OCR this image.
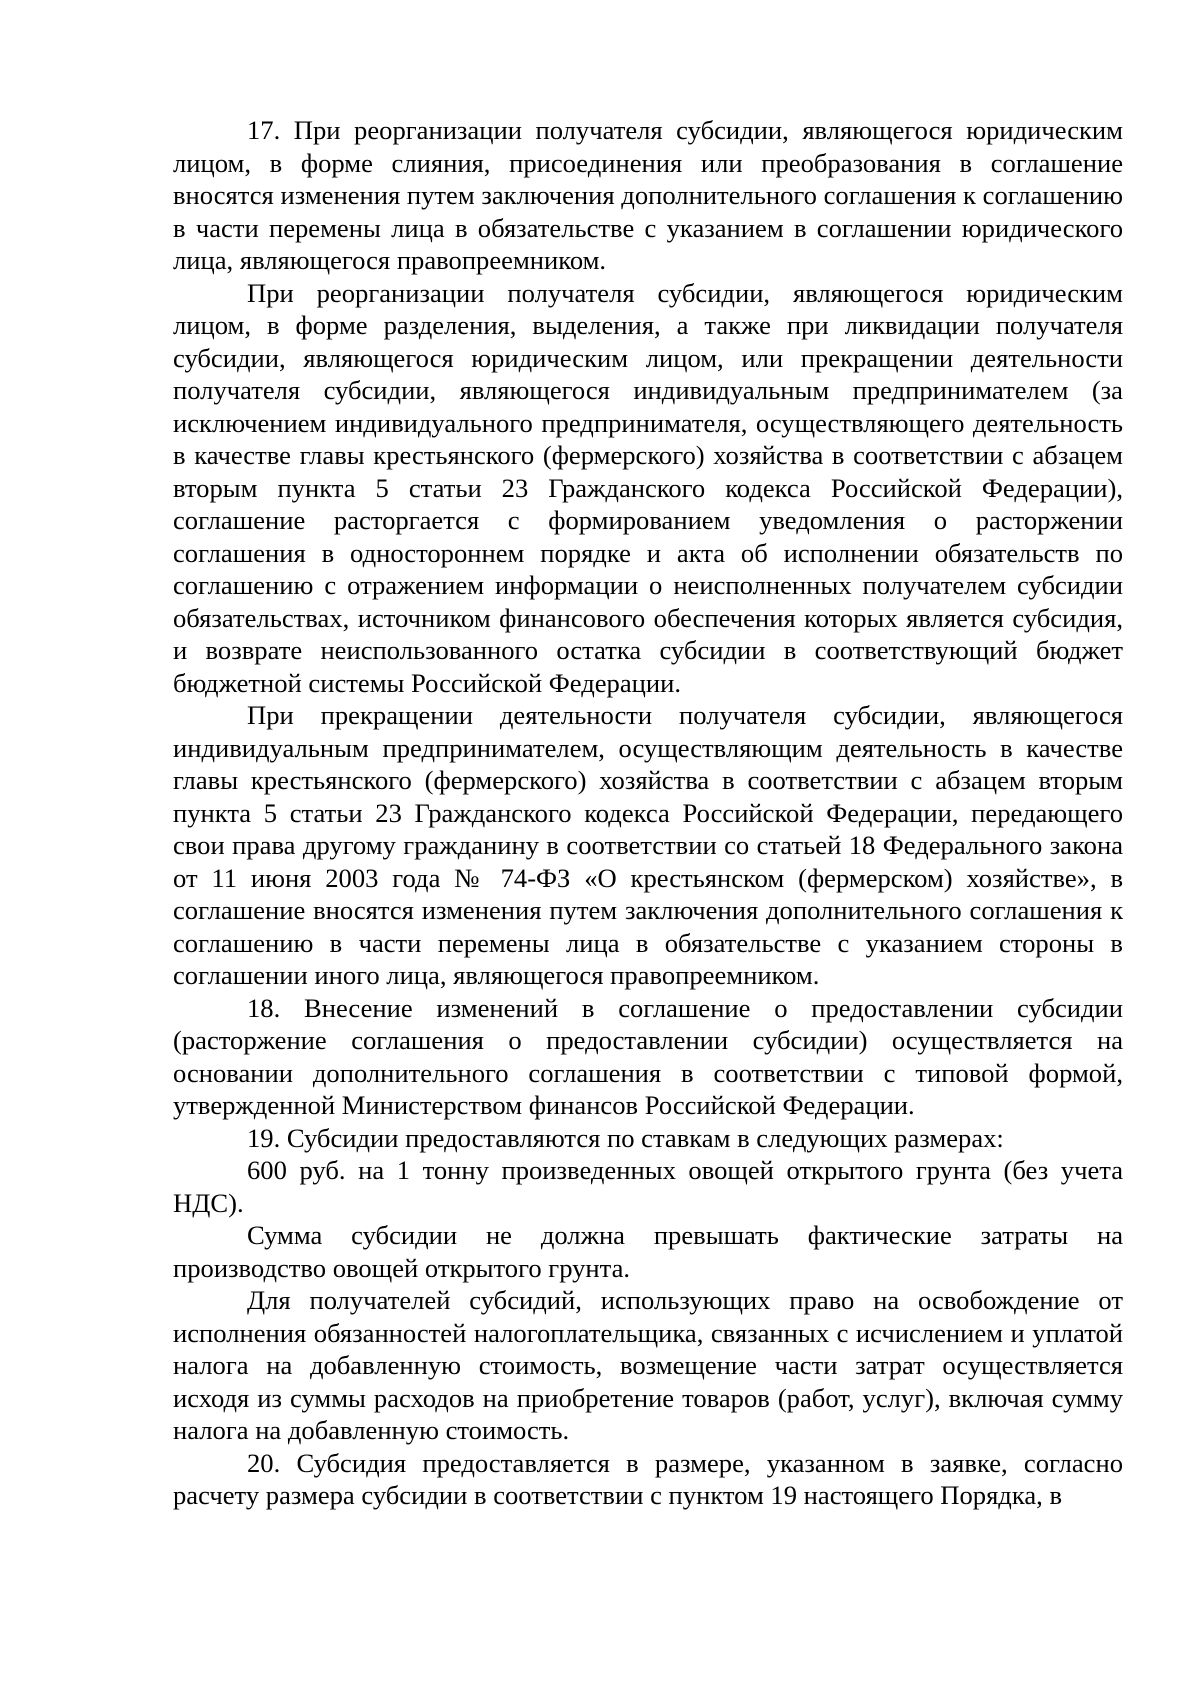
17. При реорганизации получателя субсидии, являющегося юридическим лицом, в форме слияния, присоединения или преобразования в соглашение вносятся изменения путем заключения дополнительного соглашения к соглашению в части перемены лица в обязательстве с указанием в соглашении юридического лица, являющегося правопреемником.

При реорганизации получателя субсидии, являющегося юридическим лицом, в форме разделения, выделения, а также при ликвидации получателя субсидии, являющегося юридическим лицом, или прекращении деятельности получателя субсидии, являющегося индивидуальным предпринимателем (за исключением индивидуального предпринимателя, осуществляющего деятельность в качестве главы крестьянского (фермерского) хозяйства в соответствии с абзацем вторым пункта 5 статьи 23 Гражданского кодекса Российской Федерации), соглашение расторгается с формированием уведомления о расторжении соглашения в одностороннем порядке и акта об исполнении обязательств по соглашению с отражением информации о неисполненных получателем субсидии обязательствах, источником финансового обеспечения которых является субсидия, и возврате неиспользованного остатка субсидии в соответствующий бюджет бюджетной системы Российской Федерации.

При прекращении деятельности получателя субсидии, являющегося индивидуальным предпринимателем, осуществляющим деятельность в качестве главы крестьянского (фермерского) хозяйства в соответствии с абзацем вторым пункта 5 статьи 23 Гражданского кодекса Российской Федерации, передающего свои права другому гражданину в соответствии со статьей 18 Федерального закона от 11 июня 2003 года № 74-ФЗ «О крестьянском (фермерском) хозяйстве», в соглашение вносятся изменения путем заключения дополнительного соглашения к соглашению в части перемены лица в обязательстве с указанием стороны в соглашении иного лица, являющегося правопреемником.

18. Внесение изменений в соглашение о предоставлении субсидии (расторжение соглашения о предоставлении субсидии) осуществляется на основании дополнительного соглашения в соответствии с типовой формой, утвержденной Министерством финансов Российской Федерации.

19. Субсидии предоставляются по ставкам в следующих размерах:

600 руб. на 1 тонну произведенных овощей открытого грунта (без учета НДС).

Сумма субсидии не должна превышать фактические затраты на производство овощей открытого грунта.

Для получателей субсидий, использующих право на освобождение от исполнения обязанностей налогоплательщика, связанных с исчислением и уплатой налога на добавленную стоимость, возмещение части затрат осуществляется исходя из суммы расходов на приобретение товаров (работ, услуг), включая сумму налога на добавленную стоимость.

20. Субсидия предоставляется в размере, указанном в заявке, согласно расчету размера субсидии в соответствии с пунктом 19 настоящего Порядка, в
